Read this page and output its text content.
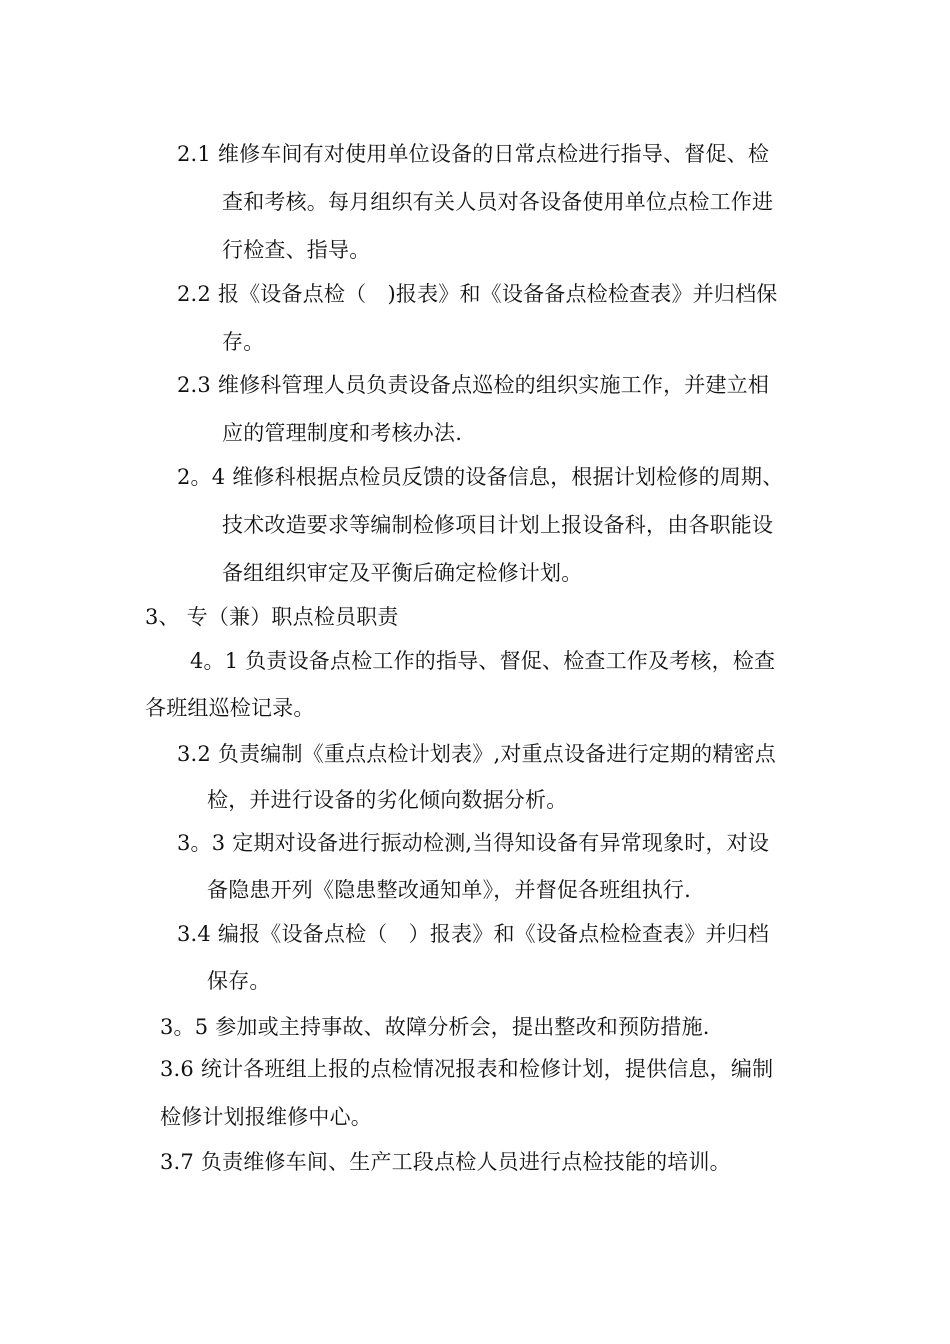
2.1 维修车间有对使用单位设备的日常点检进行指导、督促、检
查和考核。每月组织有关人员对各设备使用单位点检工作进
行检查、指导。
2.2 报《设备点检（　)报表》和《设备备点检检查表》并归档保
存。
2.3 维修科管理人员负责设备点巡检的组织实施工作，并建立相
应的管理制度和考核办法.
2。4 维修科根据点检员反馈的设备信息，根据计划检修的周期、
技术改造要求等编制检修项目计划上报设备科，由各职能设
备组组织审定及平衡后确定检修计划。
3、 专（兼）职点检员职责
4。1 负责设备点检工作的指导、督促、检查工作及考核，检查
各班组巡检记录。
3.2 负责编制《重点点检计划表》,对重点设备进行定期的精密点
检，并进行设备的劣化倾向数据分析。
3。3 定期对设备进行振动检测,当得知设备有异常现象时，对设
备隐患开列《隐患整改通知单》，并督促各班组执行.
3.4 编报《设备点检（　）报表》和《设备点检检查表》并归档
保存。
3。5 参加或主持事故、故障分析会，提出整改和预防措施.
3.6 统计各班组上报的点检情况报表和检修计划，提供信息，编制
检修计划报维修中心。
3.7 负责维修车间、生产工段点检人员进行点检技能的培训。
